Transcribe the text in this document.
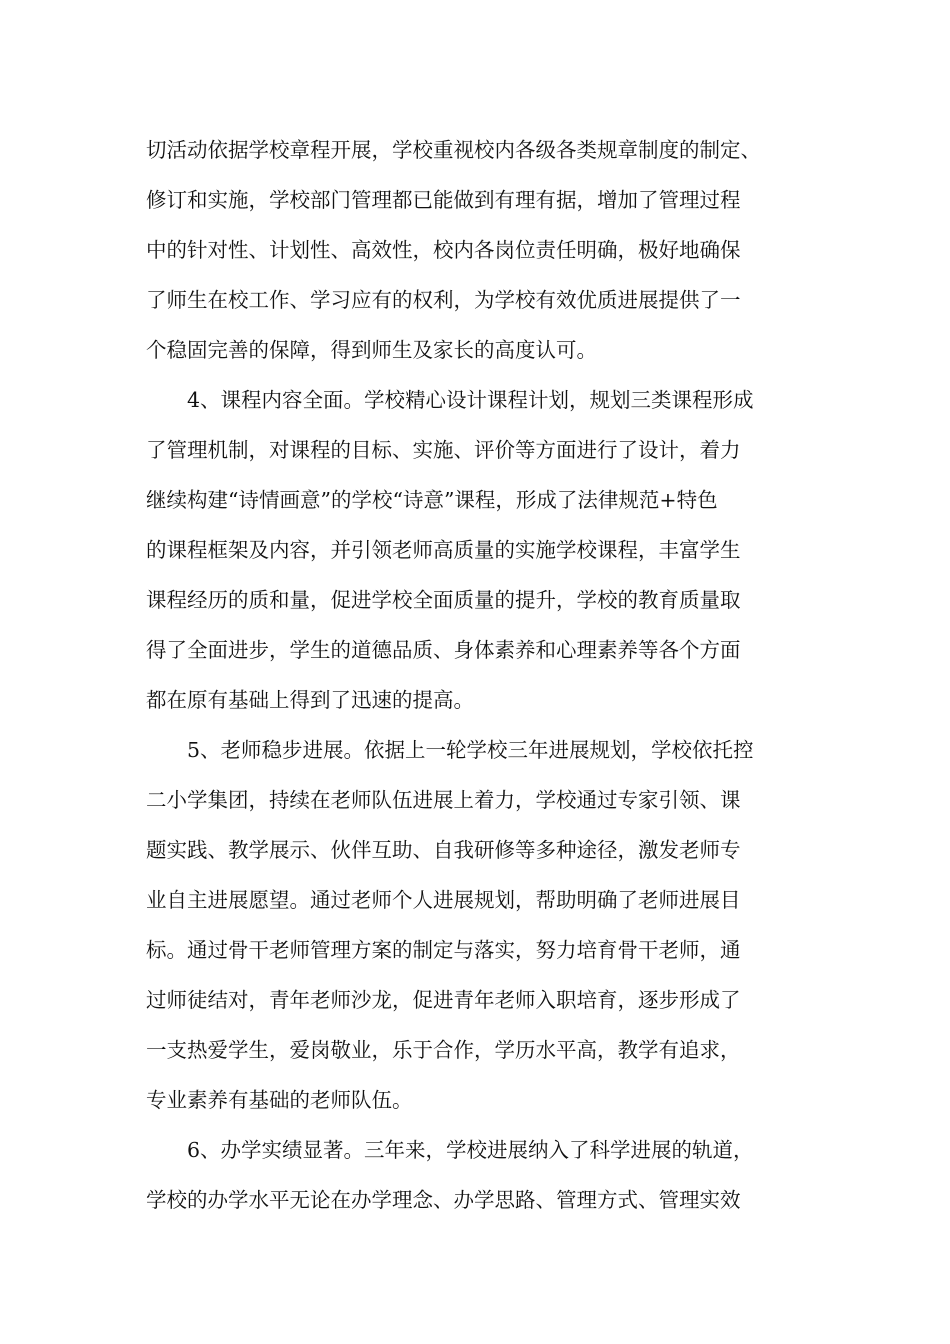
切活动依据学校章程开展，学校重视校内各级各类规章制度的制定、
修订和实施，学校部门管理都已能做到有理有据，增加了管理过程
中的针对性、计划性、高效性，校内各岗位责任明确，极好地确保
了师生在校工作、学习应有的权利，为学校有效优质进展提供了一
个稳固完善的保障，得到师生及家长的高度认可。
4、课程内容全面。学校精心设计课程计划，规划三类课程形成
了管理机制，对课程的目标、实施、评价等方面进行了设计，着力
继续构建“诗情画意”的学校“诗意”课程，形成了法律规范+特色
的课程框架及内容，并引领老师高质量的实施学校课程，丰富学生
课程经历的质和量，促进学校全面质量的提升，学校的教育质量取
得了全面进步，学生的道德品质、身体素养和心理素养等各个方面
都在原有基础上得到了迅速的提高。
5、老师稳步进展。依据上一轮学校三年进展规划，学校依托控
二小学集团，持续在老师队伍进展上着力，学校通过专家引领、课
题实践、教学展示、伙伴互助、自我研修等多种途径，激发老师专
业自主进展愿望。通过老师个人进展规划，帮助明确了老师进展目
标。通过骨干老师管理方案的制定与落实，努力培育骨干老师，通
过师徒结对，青年老师沙龙，促进青年老师入职培育，逐步形成了
一支热爱学生，爱岗敬业，乐于合作，学历水平高，教学有追求，
专业素养有基础的老师队伍。
6、办学实绩显著。三年来，学校进展纳入了科学进展的轨道，
学校的办学水平无论在办学理念、办学思路、管理方式、管理实效
